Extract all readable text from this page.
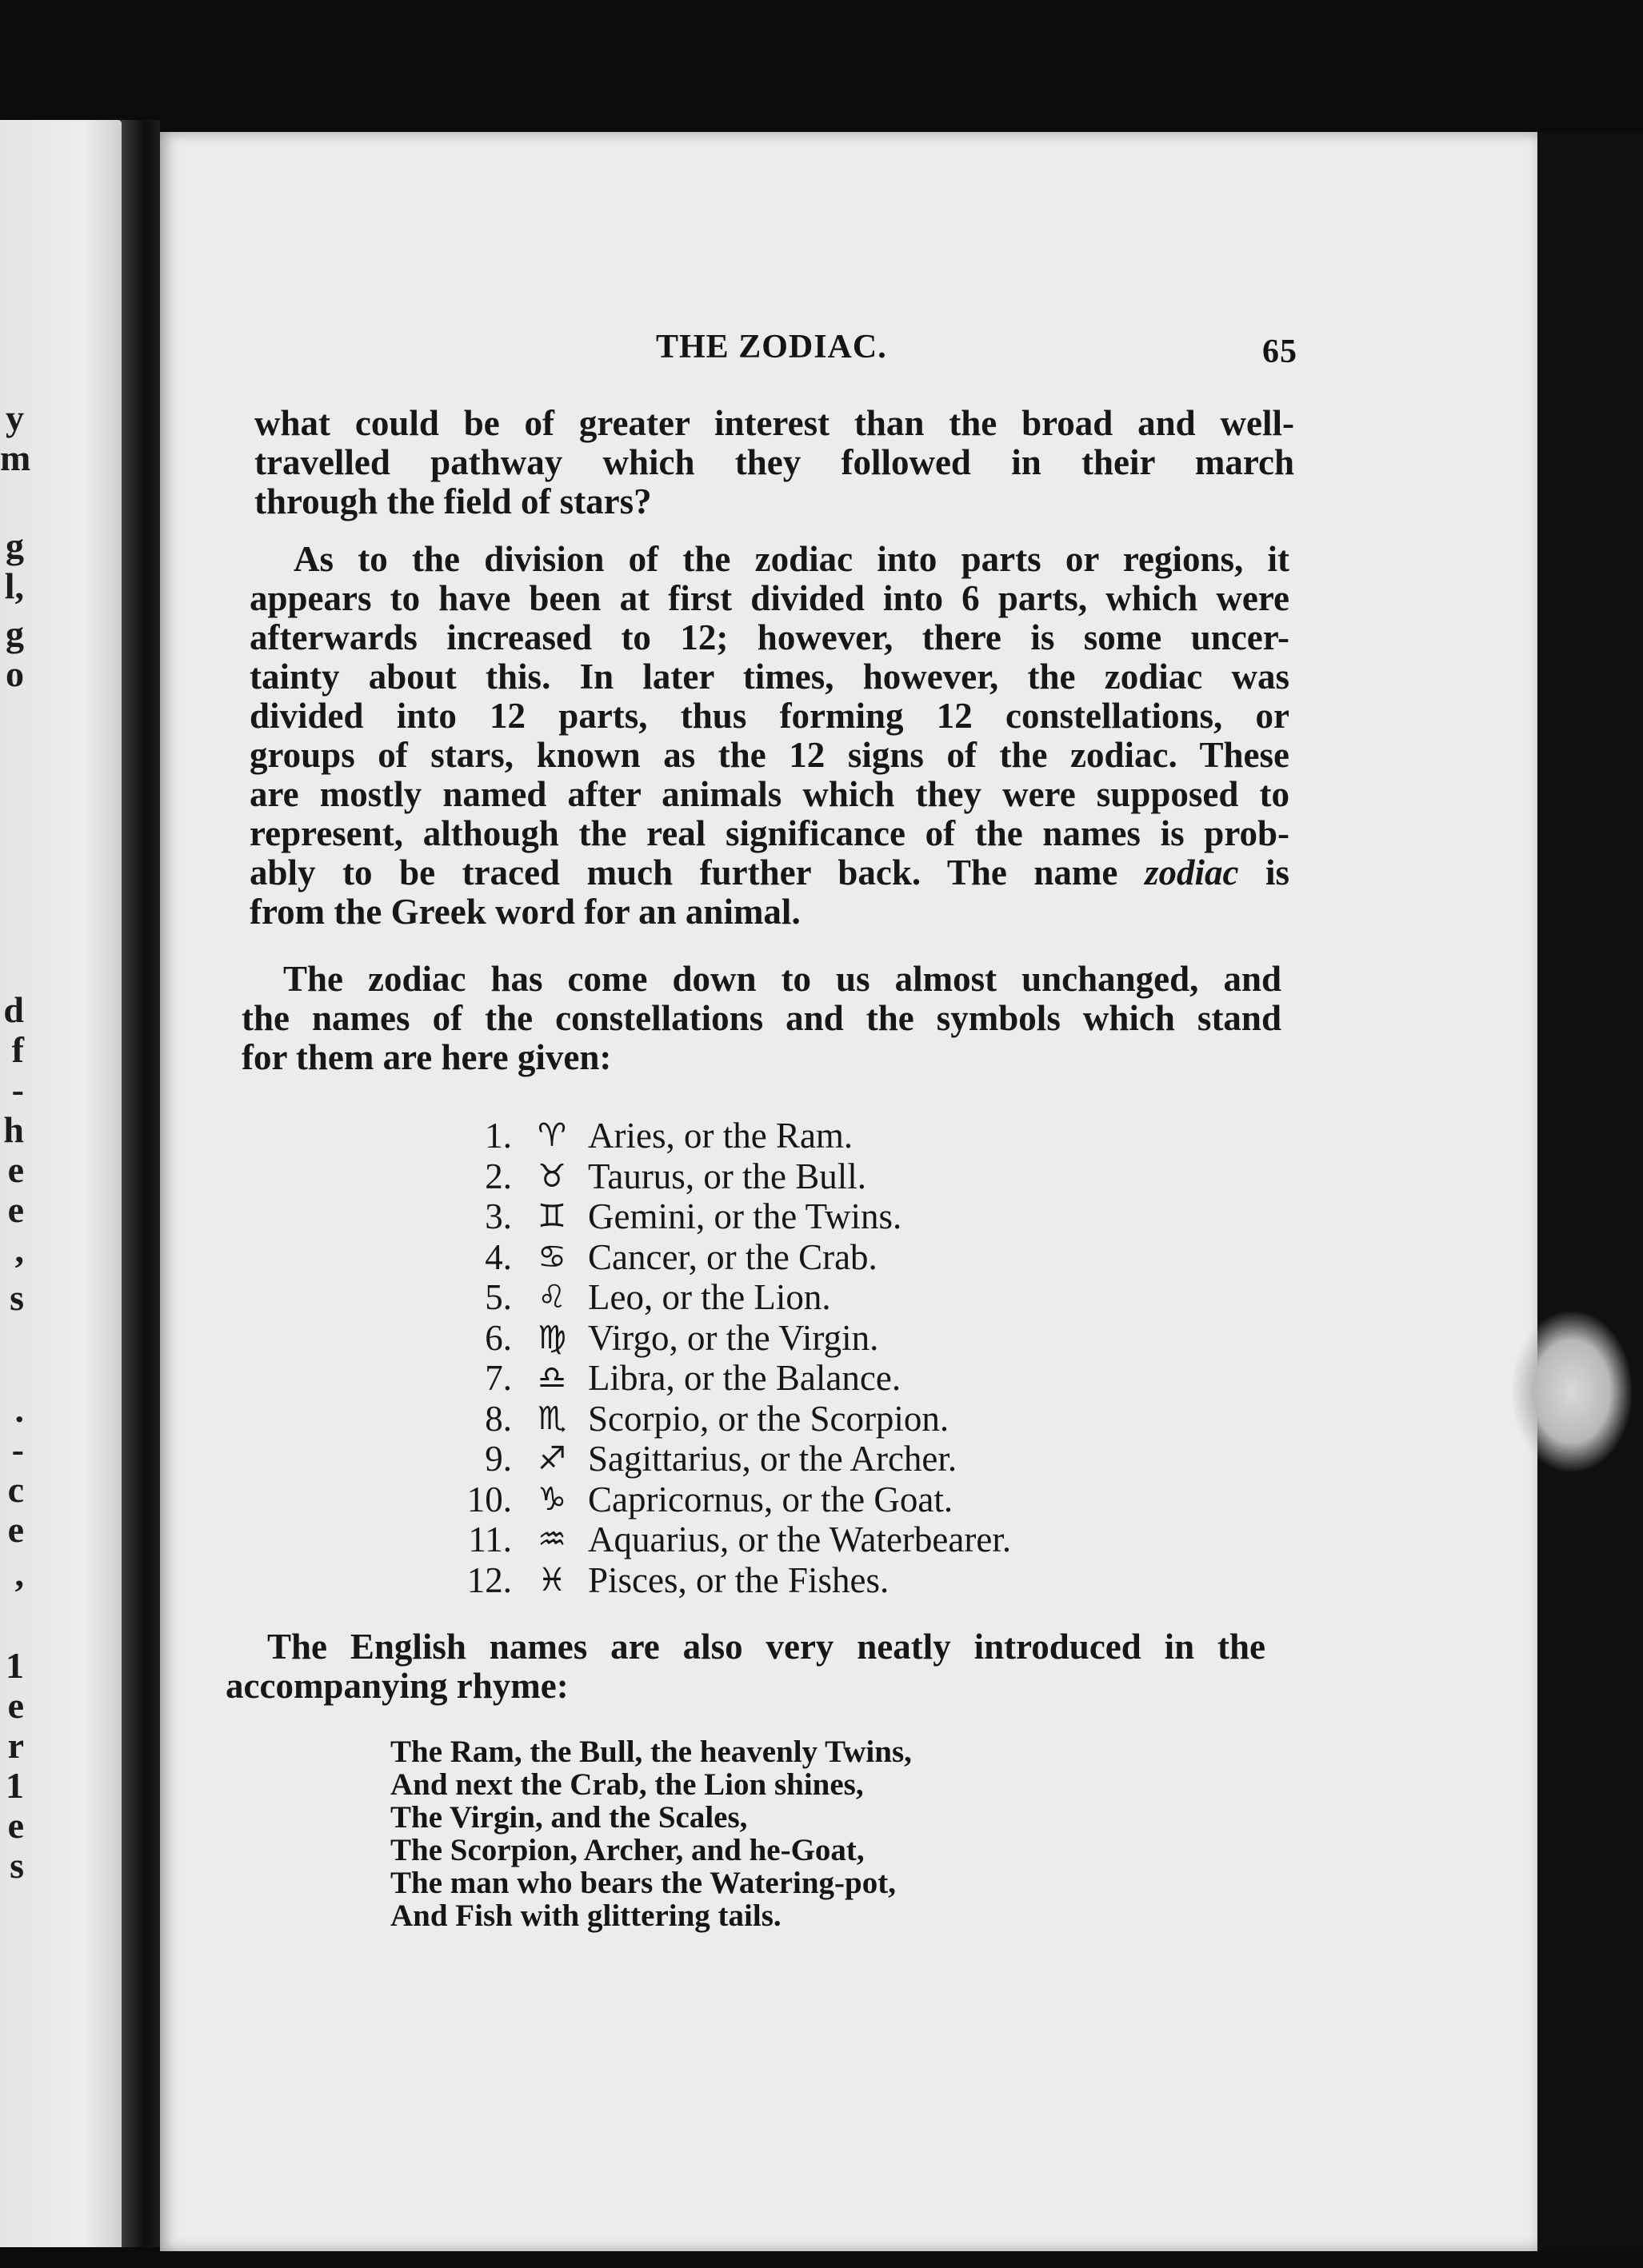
y
m
g
l,
g
o
d
f
-
h
e
e
,
s
.
-
c
e
,
1
e
r
1
e
s
THE ZODIAC.	65

what could be of greater interest than the broad and well-
travelled pathway which they followed in their march
through the field of stars?

As to the division of the zodiac into parts or regions, it
appears to have been at first divided into 6 parts, which were
afterwards increased to 12; however, there is some uncer-
tainty about this. In later times, however, the zodiac was
divided into 12 parts, thus forming 12 constellations, or
groups of stars, known as the 12 signs of the zodiac. These
are mostly named after animals which they were supposed to
represent, although the real significance of the names is prob-
ably to be traced much further back. The name zodiac is
from the Greek word for an animal.

The zodiac has come down to us almost unchanged, and
the names of the constellations and the symbols which stand
for them are here given:

1. ♈ Aries, or the Ram.
2. ♉ Taurus, or the Bull.
3. ♊ Gemini, or the Twins.
4. ♋ Cancer, or the Crab.
5. ♌ Leo, or the Lion.
6. ♍ Virgo, or the Virgin.
7. ♎ Libra, or the Balance.
8. ♏ Scorpio, or the Scorpion.
9. ♐ Sagittarius, or the Archer.
10. ♑ Capricornus, or the Goat.
11. ♒ Aquarius, or the Waterbearer.
12. ♓ Pisces, or the Fishes.

The English names are also very neatly introduced in the
accompanying rhyme:

The Ram, the Bull, the heavenly Twins,
And next the Crab, the Lion shines,
The Virgin, and the Scales,
The Scorpion, Archer, and he-Goat,
The man who bears the Watering-pot,
And Fish with glittering tails.
